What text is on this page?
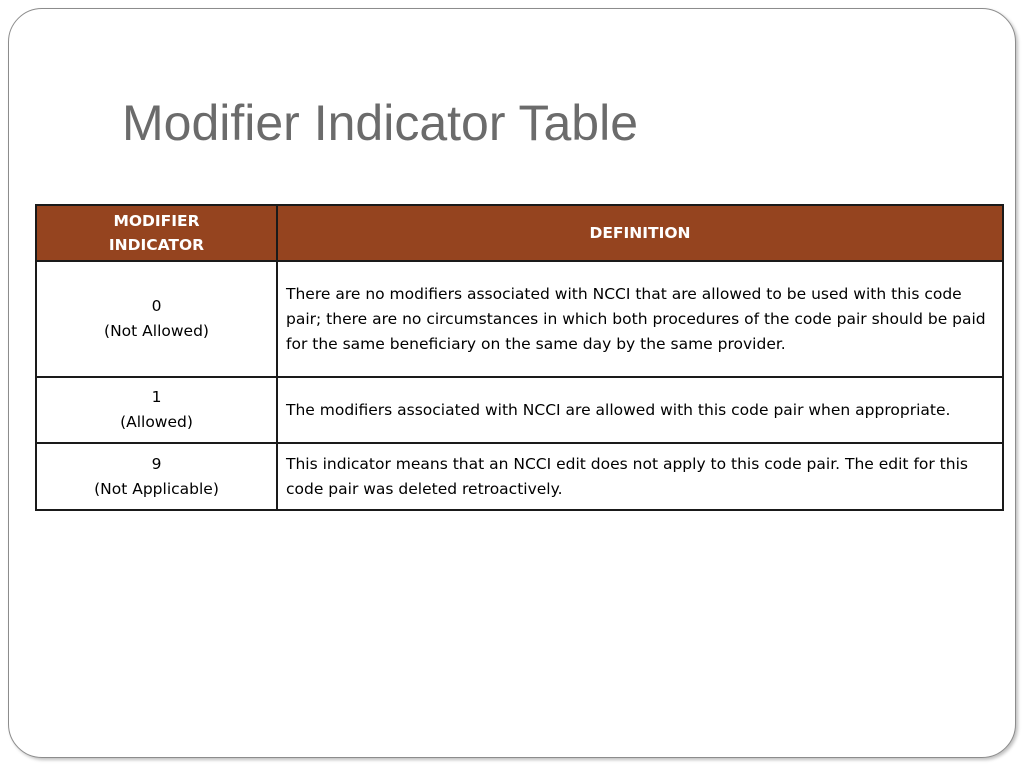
Modifier Indicator Table
MODIFIER
INDICATOR	DEFINITION

0
(Not Allowed)	There are no modifiers associated with NCCI that are allowed to be used with this code pair; there are no circumstances in which both procedures of the code pair should be paid for the same beneficiary on the same day by the same provider.

1
(Allowed)	The modifiers associated with NCCI are allowed with this code pair when appropriate.

9
(Not Applicable)	This indicator means that an NCCI edit does not apply to this code pair. The edit for this code pair was deleted retroactively.
